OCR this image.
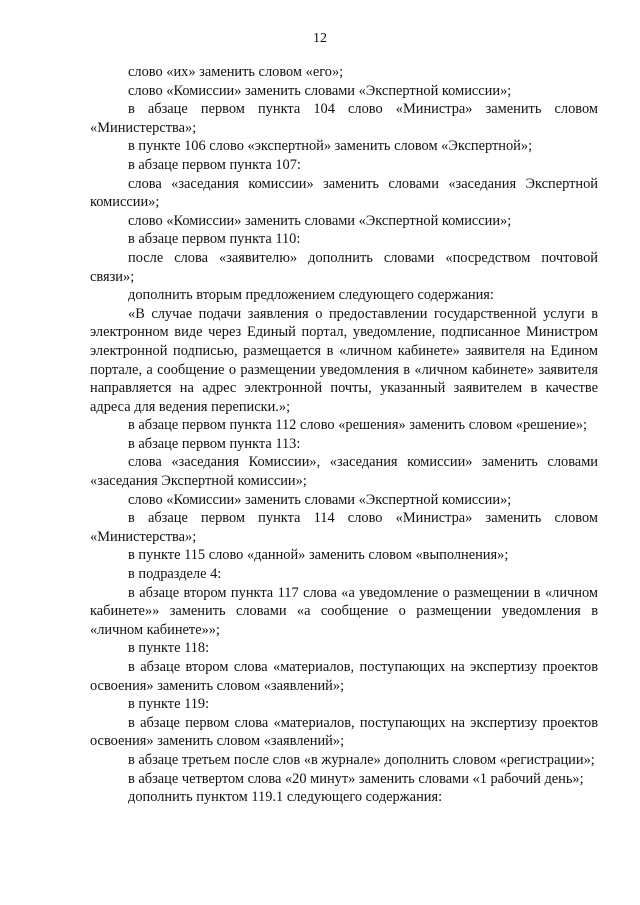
12

слово «их» заменить словом «его»;

слово «Комиссии» заменить словами «Экспертной комиссии»;

в абзаце первом пункта 104 слово «Министра» заменить словом «Министерства»;

в пункте 106 слово «экспертной» заменить словом «Экспертной»;

в абзаце первом пункта 107:

слова «заседания комиссии» заменить словами «заседания Экспертной комиссии»;

слово «Комиссии» заменить словами «Экспертной комиссии»;

в абзаце первом пункта 110:

после слова «заявителю» дополнить словами «посредством почтовой связи»;

дополнить вторым предложением следующего содержания:

«В случае подачи заявления о предоставлении государственной услуги в электронном виде через Единый портал, уведомление, подписанное Министром электронной подписью, размещается в «личном кабинете» заявителя на Едином портале, а сообщение о размещении уведомления в «личном кабинете» заявителя направляется на адрес электронной почты, указанный заявителем в качестве адреса для ведения переписки.»;

в абзаце первом пункта 112 слово «решения» заменить словом «решение»;

в абзаце первом пункта 113:

слова «заседания Комиссии», «заседания комиссии» заменить словами «заседания Экспертной комиссии»;

слово «Комиссии» заменить словами «Экспертной комиссии»;

в абзаце первом пункта 114 слово «Министра» заменить словом «Министерства»;

в пункте 115 слово «данной» заменить словом «выполнения»;

в подразделе 4:

в абзаце втором пункта 117 слова «а уведомление о размещении в «личном кабинете»» заменить словами «а сообщение о размещении уведомления в «личном кабинете»»;

в пункте 118:

в абзаце втором слова «материалов, поступающих на экспертизу проектов освоения» заменить словом «заявлений»;

в пункте 119:

в абзаце первом слова «материалов, поступающих на экспертизу проектов освоения» заменить словом «заявлений»;

в абзаце третьем после слов «в журнале» дополнить словом «регистрации»;

в абзаце четвертом слова «20 минут» заменить словами «1 рабочий день»;

дополнить пунктом 119.1 следующего содержания:
